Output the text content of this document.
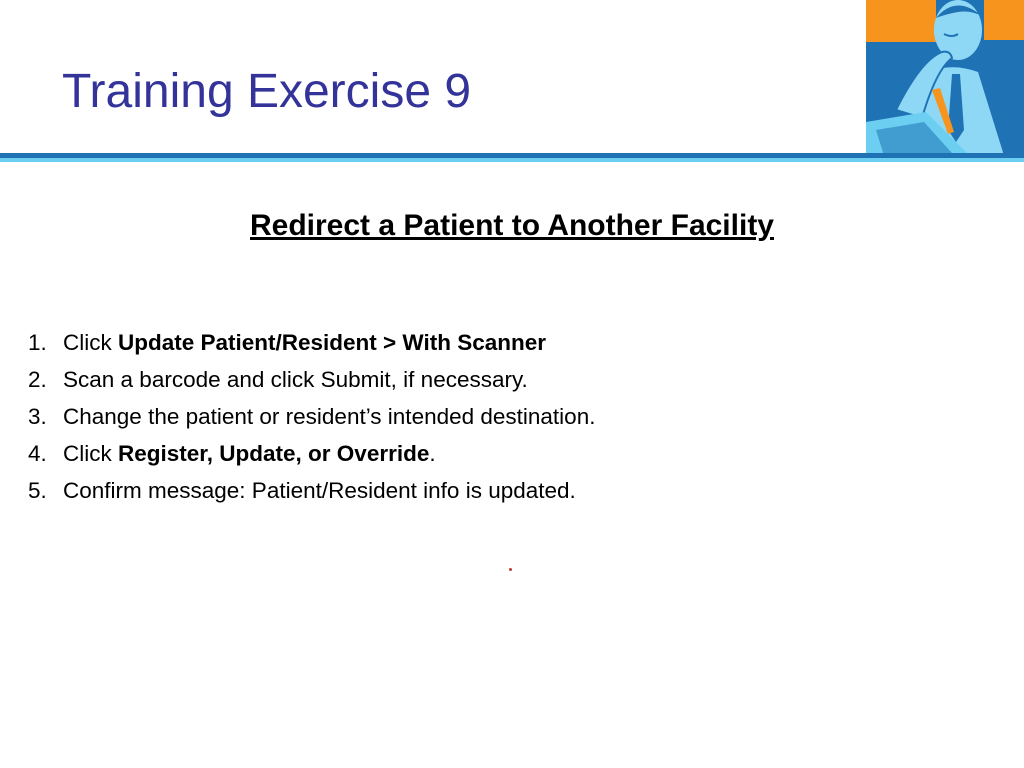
Training Exercise 9
Redirect a Patient to Another Facility
1. Click Update Patient/Resident > With Scanner
2. Scan a barcode and click Submit, if necessary.
3. Change the patient or resident’s intended destination.
4. Click Register, Update, or Override.
5. Confirm message: Patient/Resident info is updated.
